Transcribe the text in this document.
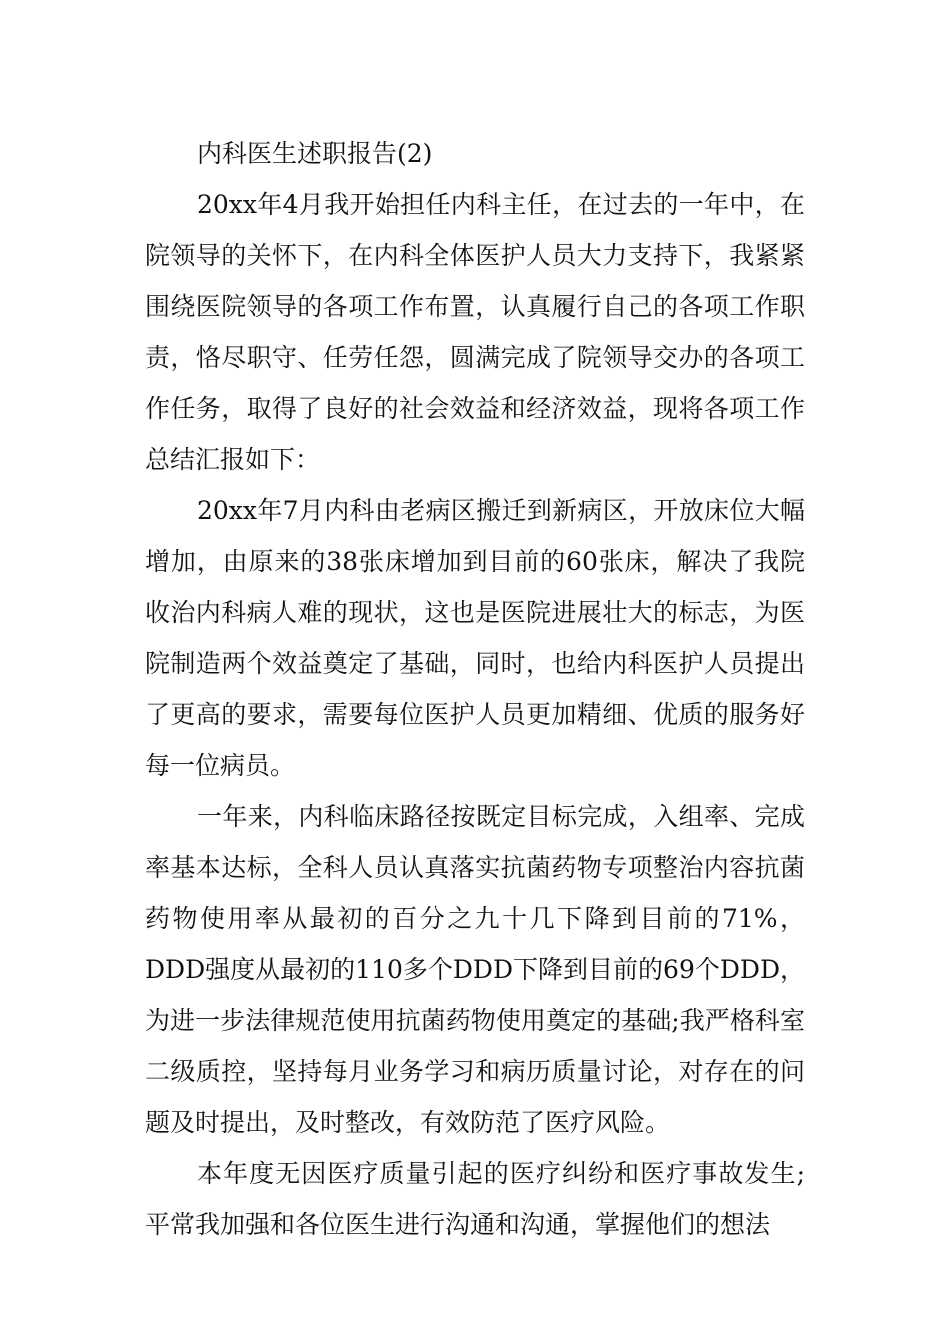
内科医生述职报告(2)

20xx年4月我开始担任内科主任，在过去的一年中，在院领导的关怀下，在内科全体医护人员大力支持下，我紧紧围绕医院领导的各项工作布置，认真履行自己的各项工作职责，恪尽职守、任劳任怨，圆满完成了院领导交办的各项工作任务，取得了良好的社会效益和经济效益，现将各项工作总结汇报如下：

20xx年7月内科由老病区搬迁到新病区，开放床位大幅增加，由原来的38张床增加到目前的60张床，解决了我院收治内科病人难的现状，这也是医院进展壮大的标志，为医院制造两个效益奠定了基础，同时，也给内科医护人员提出了更高的要求，需要每位医护人员更加精细、优质的服务好每一位病员。

一年来，内科临床路径按既定目标完成，入组率、完成率基本达标，全科人员认真落实抗菌药物专项整治内容抗菌药物使用率从最初的百分之九十几下降到目前的71%，DDD强度从最初的110多个DDD下降到目前的69个DDD，为进一步法律规范使用抗菌药物使用奠定的基础;我严格科室二级质控，坚持每月业务学习和病历质量讨论，对存在的问题及时提出，及时整改，有效防范了医疗风险。

本年度无因医疗质量引起的医疗纠纷和医疗事故发生;平常我加强和各位医生进行沟通和沟通，掌握他们的想法
